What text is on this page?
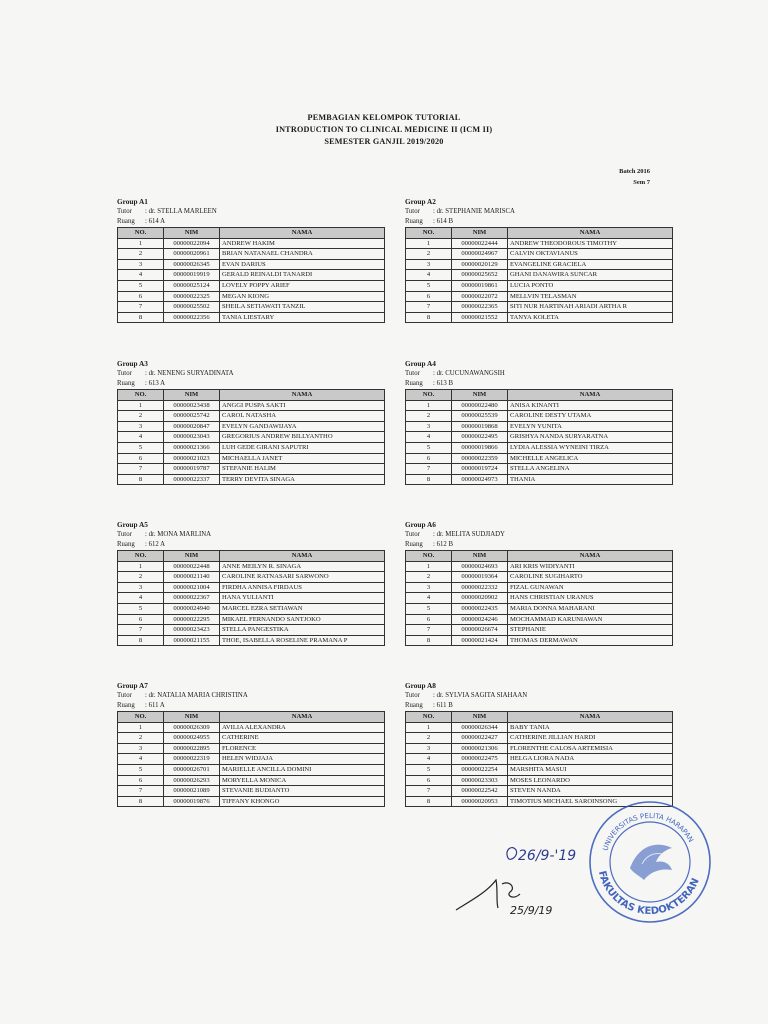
PEMBAGIAN KELOMPOK TUTORIAL
INTRODUCTION TO CLINICAL MEDICINE II (ICM II)
SEMESTER GANJIL 2019/2020
Batch 2016
Sem 7
Group A1
Tutor : dr. STELLA MARLEEN
Ruang : 614 A
NO.	NIM	NAMA
1	00000022094	ANDREW HAKIM
2	00000020961	BRIAN NATANAEL CHANDRA
3	00000026345	EVAN DARIUS
4	00000019919	GERALD REINALDI TANARDI
5	00000025124	LOVELY POPPY ARIEF
6	00000022325	MEGAN KIONG
7	00000025502	SHEILA SETIAWATI TANZIL
8	00000022356	TANIA LIESTARY
Group A2
Tutor : dr. STEPHANIE MARISCA
Ruang : 614 B
NO.	NIM	NAMA
1	00000022444	ANDREW THEODOROUS TIMOTHY
2	00000024967	CALVIN OKTAVIANUS
3	00000020129	EVANGELINE GRACIELA
4	00000025652	GHANI DANAWIRA SUNCAR
5	00000019861	LUCIA PONTO
6	00000022072	MELLVIN TELASMAN
7	00000022365	SITI NUR HARTINAH ARIADI ARTHA R
8	00000021552	TANYA KOLETA
Group A3
Tutor : dr. NENENG SURYADINATA
Ruang : 613 A
NO.	NIM	NAMA
1	00000023438	ANGGI PUSPA SAKTI
2	00000025742	CAROL NATASHA
3	00000020847	EVELYN GANDAWIJAYA
4	00000023043	GREGORIUS ANDREW BILLYANTHO
5	00000021366	LUH GEDE GIRANI SAPUTRI
6	00000021023	MICHAELLA JANET
7	00000019787	STEFANIE HALIM
8	00000022337	TERRY DEVITA SINAGA
Group A4
Tutor : dr. CUCUNAWANGSIH
Ruang : 613 B
NO.	NIM	NAMA
1	00000022480	ANISA KINANTI
2	00000025539	CAROLINE DESTY UTAMA
3	00000019868	EVELYN YUNITA
4	00000022495	GRISHYA NANDA SURYARATNA
5	00000019866	LYDIA ALESSIA WYNEINI TIRZA
6	00000022359	MICHELLE ANGELICA
7	00000019724	STELLA ANGELINA
8	00000024973	THANIA
Group A5
Tutor : dr. MONA MARLINA
Ruang : 612 A
NO.	NIM	NAMA
1	00000022448	ANNE MEILYN R. SINAGA
2	00000021140	CAROLINE RATNASARI SARWONO
3	00000021004	FIRDHA ANNISA FIRDAUS
4	00000022367	HANA YULIANTI
5	00000024940	MARCEL EZRA SETIAWAN
6	00000022295	MIKAEL FERNANDO SANTJOKO
7	00000023423	STELLA PANGESTIKA
8	00000021155	THOE, ISABELLA ROSELINE PRAMANA P
Group A6
Tutor : dr. MELITA SUDJIADY
Ruang : 612 B
NO.	NIM	NAMA
1	00000024693	ARI KRIS WIDIYANTI
2	00000019364	CAROLINE SUGIHARTO
3	00000022332	FIZAL GUNAWAN
4	00000020902	HANS CHRISTIAN URANUS
5	00000022435	MARIA DONNA MAHARANI
6	00000024246	MOCHAMMAD KARUNIAWAN
7	00000026674	STEPHANIE
8	00000021424	THOMAS DERMAWAN
Group A7
Tutor : dr. NATALIA MARIA CHRISTINA
Ruang : 611 A
NO.	NIM	NAMA
1	00000026309	AVILIA ALEXANDRA
2	00000024955	CATHERINE
3	00000022895	FLORENCE
4	00000022319	HELEN WIDJAJA
5	00000026701	MARIELLE ANCILLA DOMINI
6	00000026293	MORYELLA MONICA
7	00000021089	STEVANIE BUDIANTO
8	00000019876	TIFFANY KHONGO
Group A8
Tutor : dr. SYLVIA SAGITA SIAHAAN
Ruang : 611 B
NO.	NIM	NAMA
1	00000026344	BABY TANIA
2	00000022427	CATHERINE JILLIAN HARDI
3	00000021306	FLORENTHE CALOSA ARTEMISIA
4	00000022475	HELGA LIORA NADA
5	00000022254	MARSHITA MASUI
6	00000023303	MOSES LEONARDO
7	00000022542	STEVEN NANDA
8	00000020953	TIMOTIUS MICHAEL SAROINSONG
26/9-'19
25/9/19
UNIVERSITAS PELITA HARAPAN
FAKULTAS KEDOKTERAN
